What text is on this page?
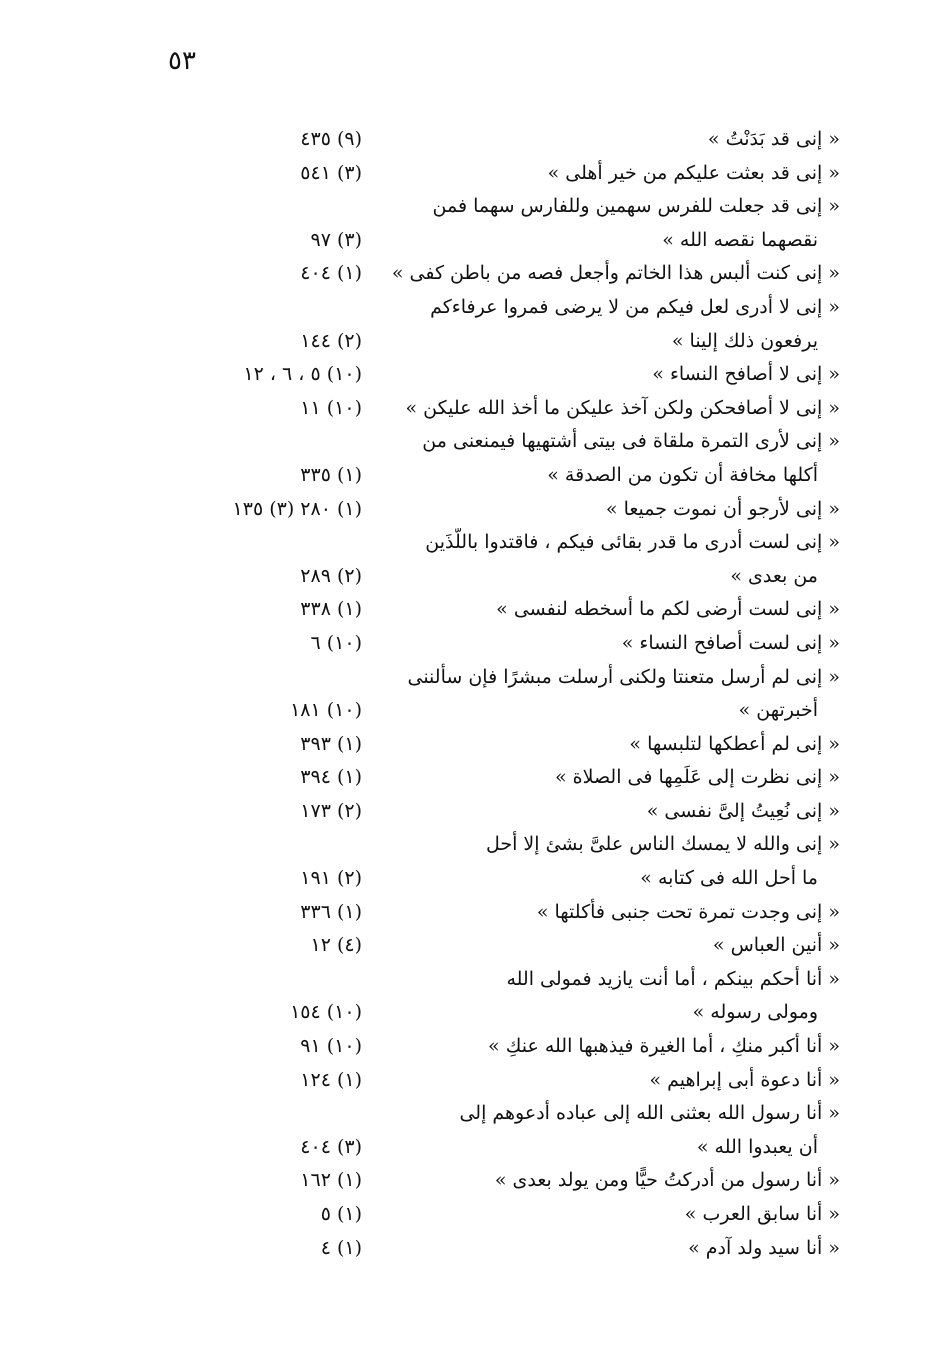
٥٣
« إنى قد بَدَنْتُ »
(٩) ٤٣٥
« إنى قد بعثت عليكم من خير أهلى »
(٣) ٥٤١
« إنى قد جعلت للفرس سهمين وللفارس سهما فمن
نقصهما نقصه الله »
(٣) ٩٧
« إنى كنت ألبس هذا الخاتم وأجعل فصه من باطن كفى »
(١) ٤٠٤
« إنى لا أدرى لعل فيكم من لا يرضى فمروا عرفاءكم
يرفعون ذلك إلينا »
(٢) ١٤٤
« إنى لا أصافح النساء »
(١٠) ٥ ، ٦ ، ١٢
« إنى لا أصافحكن ولكن آخذ عليكن ما أخذ الله عليكن »
(١٠) ١١
« إنى لأرى التمرة ملقاة فى بيتى أشتهيها فيمنعنى من
أكلها مخافة أن تكون من الصدقة »
(١) ٣٣٥
« إنى لأرجو أن نموت جميعا »
(١) ٢٨٠ (٣) ١٣٥
« إنى لست أدرى ما قدر بقائى فيكم ، فاقتدوا باللَّذَين
من بعدى »
(٢) ٢٨٩
« إنى لست أرضى لكم ما أسخطه لنفسى »
(١) ٣٣٨
« إنى لست أصافح النساء »
(١٠) ٦
« إنى لم أرسل متعنتا ولكنى أُرسلت مبشرًا فإن سألننى
أخبرتهن »
(١٠) ١٨١
« إنى لم أعطكها لتلبسها »
(١) ٣٩٣
« إنى نظرت إلى عَلَمِها فى الصلاة »
(١) ٣٩٤
« إنى نُعِيتُ إلىَّ نفسى »
(٢) ١٧٣
« إنى والله لا يمسك الناس علىَّ بشئ إلا أحل
ما أحل الله فى كتابه »
(٢) ١٩١
« إنى وجدت تمرة تحت جنبى فأكلتها »
(١) ٣٣٦
« أنين العباس »
(٤) ١٢
« أنا أحكم بينكم ، أما أنت يازيد فمولى الله
ومولى رسوله »
(١٠) ١٥٤
« أنا أكبر منكِ ، أما الغيرة فيذهبها الله عنكِ »
(١٠) ٩١
« أنا دعوة أبى إبراهيم »
(١) ١٢٤
« أنا رسول الله بعثنى الله إلى عباده أدعوهم إلى
أن يعبدوا الله »
(٣) ٤٠٤
« أنا رسول من أدركتُ حيًّا ومن يولد بعدى »
(١) ١٦٢
« أنا سابق العرب »
(١) ٥
« أنا سيد ولد آدم »
(١) ٤
